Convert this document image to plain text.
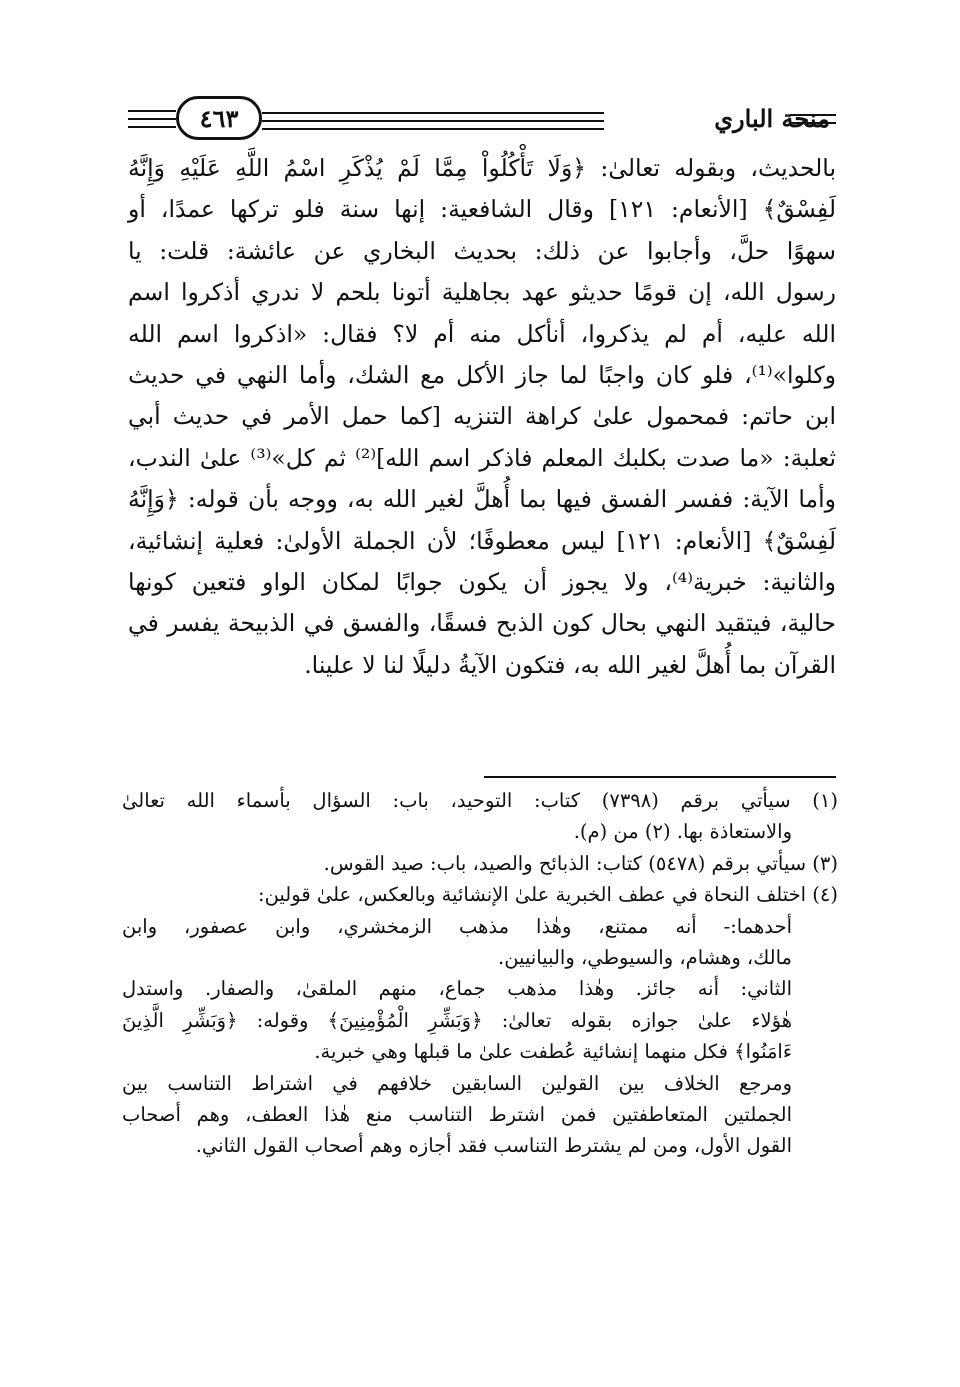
٤٦٣	منحة الباري
بالحديث، وبقوله تعالىٰ: ﴿وَلَا تَأْكُلُواْ مِمَّا لَمْ يُذْكَرِ اسْمُ اللَّهِ عَلَيْهِ وَإِنَّهُ
لَفِسْقٌ﴾ [الأنعام: ١٢١] وقال الشافعية: إنها سنة فلو تركها عمدًا، أو
سهوًا حلَّ، وأجابوا عن ذلك: بحديث البخاري عن عائشة: قلت: يا
رسول الله، إن قومًا حديثو عهد بجاهلية أتونا بلحم لا ندري أذكروا اسم
الله عليه، أم لم يذكروا، أنأكل منه أم لا؟ فقال: «اذكروا اسم الله
وكلوا»⁽¹⁾، فلو كان واجبًا لما جاز الأكل مع الشك، وأما النهي في حديث
ابن حاتم: فمحمول علىٰ كراهة التنزيه [كما حمل الأمر في حديث أبي
ثعلبة: «ما صدت بكلبك المعلم فاذكر اسم الله]⁽²⁾ ثم كل»⁽³⁾ علىٰ الندب،
وأما الآية: ففسر الفسق فيها بما أُهلَّ لغير الله به، ووجه بأن قوله: ﴿وَإِنَّهُ
لَفِسْقٌ﴾ [الأنعام: ١٢١] ليس معطوفًا؛ لأن الجملة الأولىٰ: فعلية إنشائية،
والثانية: خبرية⁽⁴⁾، ولا يجوز أن يكون جوابًا لمكان الواو فتعين كونها
حالية، فيتقيد النهي بحال كون الذبح فسقًا، والفسق في الذبيحة يفسر في
القرآن بما أُهلَّ لغير الله به، فتكون الآيةُ دليلًا لنا لا علينا.
(١) سيأتي برقم (٧٣٩٨) كتاب: التوحيد، باب: السؤال بأسماء الله تعالىٰ
والاستعاذة بها. (٢) من (م).
(٣) سيأتي برقم (٥٤٧٨) كتاب: الذبائح والصيد، باب: صيد القوس.
(٤) اختلف النحاة في عطف الخبرية علىٰ الإنشائية وبالعكس، علىٰ قولين:
أحدهما:- أنه ممتنع، وهٰذا مذهب الزمخشري، وابن عصفور، وابن
مالك، وهشام، والسيوطي، والبيانيين.
الثاني: أنه جائز. وهٰذا مذهب جماع، منهم الملقىٰ، والصفار. واستدل
هٰؤلاء علىٰ جوازه بقوله تعالىٰ: ﴿وَبَشِّرِ الْمُؤْمِنِينَ﴾ وقوله: ﴿وَبَشِّرِ الَّذِينَ
ءَامَنُوا﴾ فكل منهما إنشائية عُطفت علىٰ ما قبلها وهي خبرية.
ومرجع الخلاف بين القولين السابقين خلافهم في اشتراط التناسب بين
الجملتين المتعاطفتين فمن اشترط التناسب منع هٰذا العطف، وهم أصحاب
القول الأول، ومن لم يشترط التناسب فقد أجازه وهم أصحاب القول الثاني.
